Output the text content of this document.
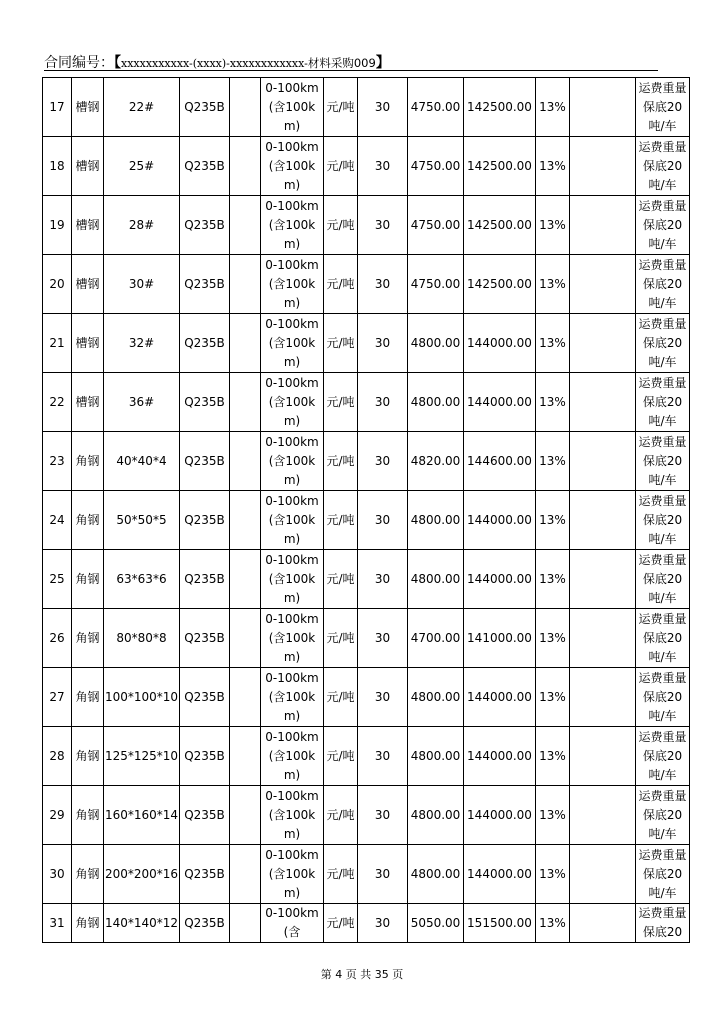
合同编号：【xxxxxxxxxxx-(xxxx)-xxxxxxxxxxxx-材料采购009】
17	槽钢	22#	Q235B		0-100km(含100km)	元/吨	30	4750.00	142500.00	13%		运费重量保底20吨/车
18	槽钢	25#	Q235B		0-100km(含100km)	元/吨	30	4750.00	142500.00	13%		运费重量保底20吨/车
19	槽钢	28#	Q235B		0-100km(含100km)	元/吨	30	4750.00	142500.00	13%		运费重量保底20吨/车
20	槽钢	30#	Q235B		0-100km(含100km)	元/吨	30	4750.00	142500.00	13%		运费重量保底20吨/车
21	槽钢	32#	Q235B		0-100km(含100km)	元/吨	30	4800.00	144000.00	13%		运费重量保底20吨/车
22	槽钢	36#	Q235B		0-100km(含100km)	元/吨	30	4800.00	144000.00	13%		运费重量保底20吨/车
23	角钢	40*40*4	Q235B		0-100km(含100km)	元/吨	30	4820.00	144600.00	13%		运费重量保底20吨/车
24	角钢	50*50*5	Q235B		0-100km(含100km)	元/吨	30	4800.00	144000.00	13%		运费重量保底20吨/车
25	角钢	63*63*6	Q235B		0-100km(含100km)	元/吨	30	4800.00	144000.00	13%		运费重量保底20吨/车
26	角钢	80*80*8	Q235B		0-100km(含100km)	元/吨	30	4700.00	141000.00	13%		运费重量保底20吨/车
27	角钢	100*100*10	Q235B		0-100km(含100km)	元/吨	30	4800.00	144000.00	13%		运费重量保底20吨/车
28	角钢	125*125*10	Q235B		0-100km(含100km)	元/吨	30	4800.00	144000.00	13%		运费重量保底20吨/车
29	角钢	160*160*14	Q235B		0-100km(含100km)	元/吨	30	4800.00	144000.00	13%		运费重量保底20吨/车
30	角钢	200*200*16	Q235B		0-100km(含100km)	元/吨	30	4800.00	144000.00	13%		运费重量保底20吨/车
31	角钢	140*140*12	Q235B		0-100km(含	元/吨	30	5050.00	151500.00	13%		运费重量保底20
第 4 页 共 35 页
